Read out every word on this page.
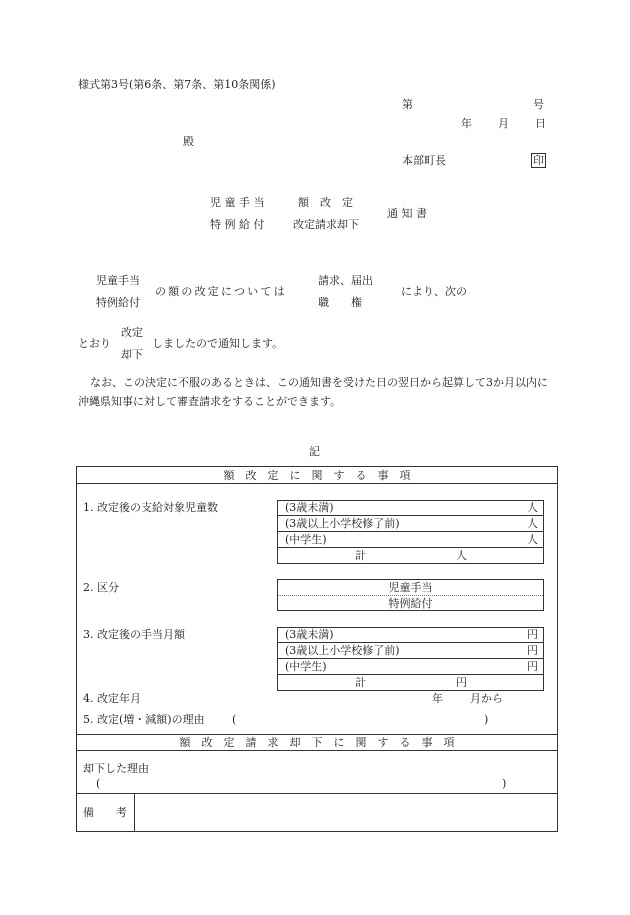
様式第3号(第6条、第7条、第10条関係)
第	号
年 月 日
殿
本部町長	印
児 童 手 当
特 例 給 付
額　改　定
改定請求却下
通 知 書
児童手当
特例給付
の額の改定については
請求、届出
職　　権
により、次の
とおり
改定
却下
しましたので通知します。
なお、この決定に不服のあるときは、この通知書を受けた日の翌日から起算して3か月以内に沖縄県知事に対して審査請求をすることができます。
記
額　改　定　に　関　す　る　事　項
1. 改定後の支給対象児童数	(3歳未満)	人
(3歳以上小学校修了前)	人
(中学生)	人
計	人
2. 区分	児童手当
特例給付
3. 改定後の手当月額	(3歳未満)	円
(3歳以上小学校修了前)	円
(中学生)	円
計	円
4. 改定年月	年 月から
5. 改定(増・減額)の理由 (	)
額　改　定　請　求　却　下　に　関　す　る　事　項
却下した理由
(	)
備　　考
